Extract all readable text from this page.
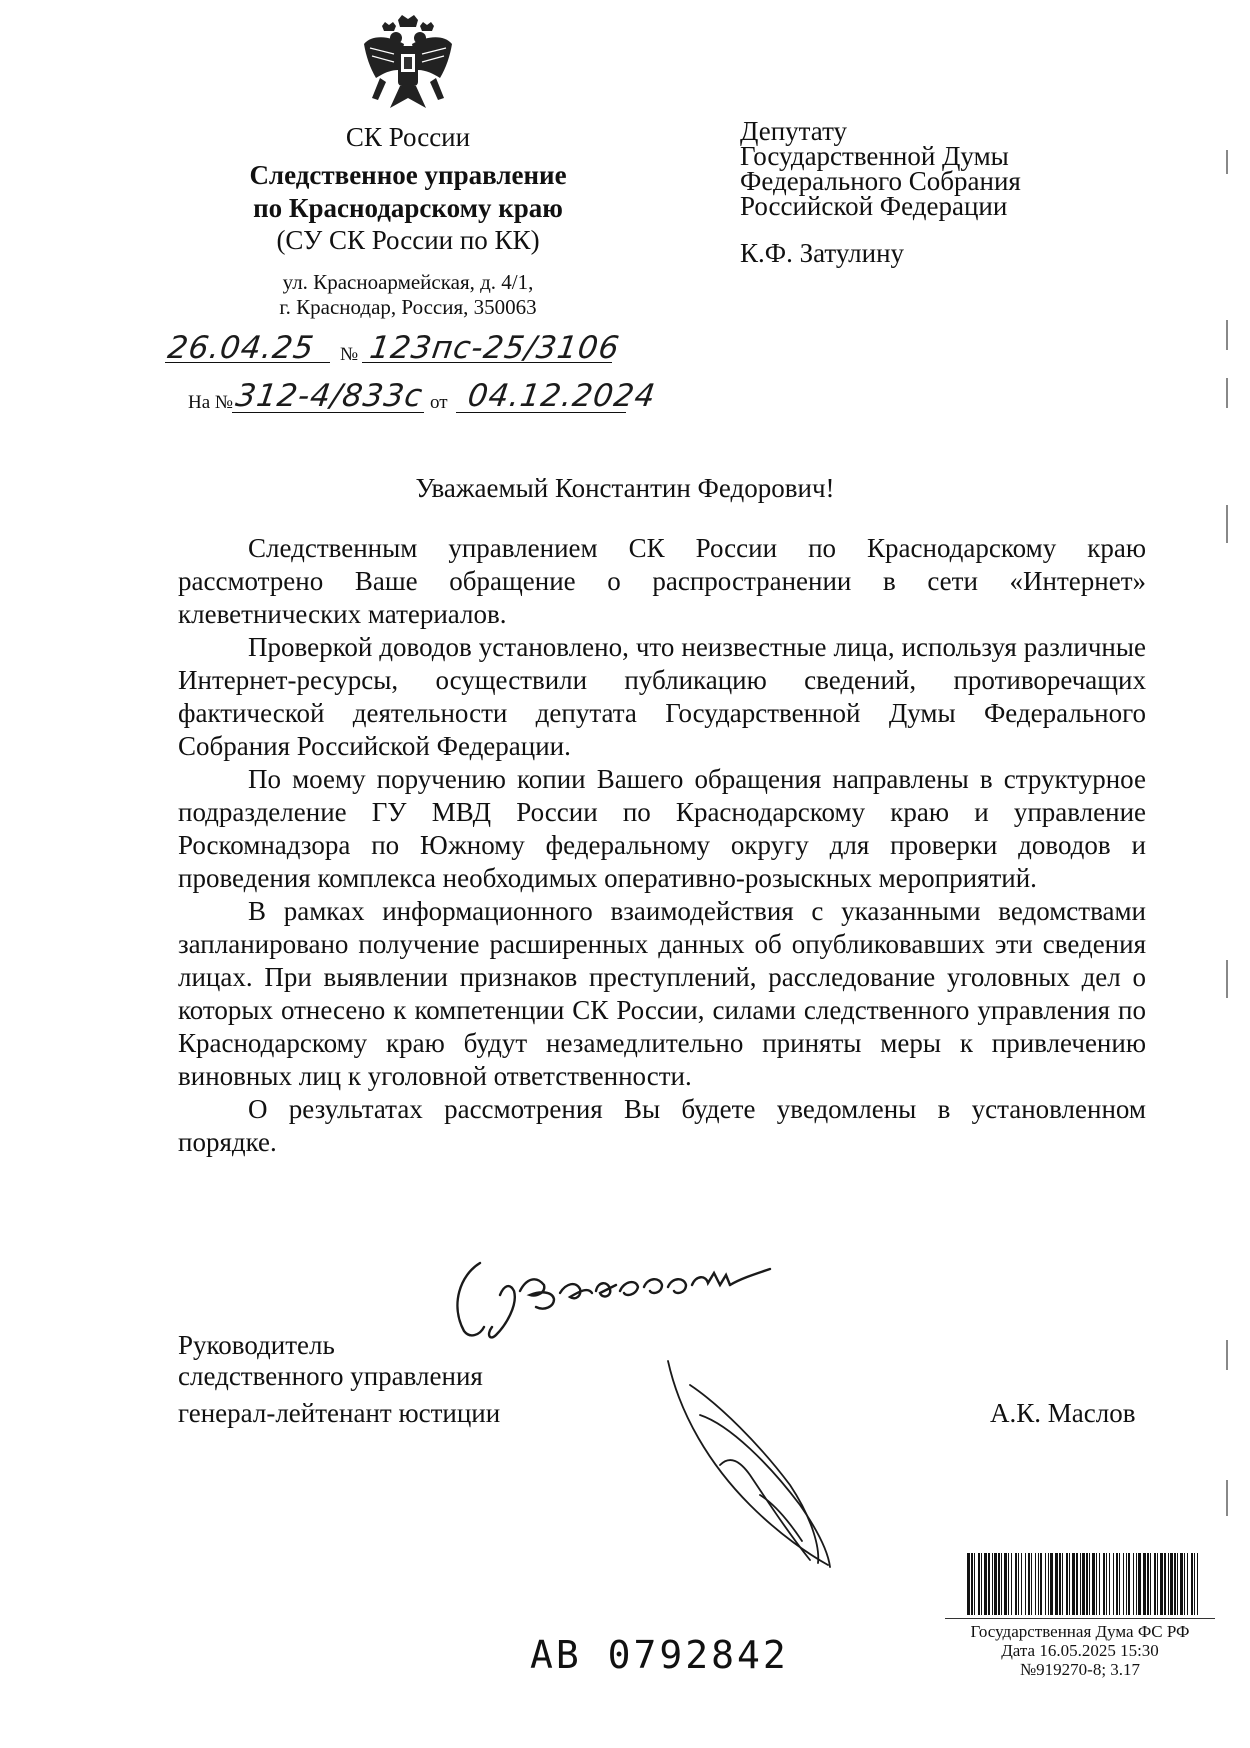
СК России
Следственное управление
по Краснодарскому краю
(СУ СК России по КК)
ул. Красноармейская, д. 4/1,
г. Краснодар, Россия, 350063
26.04.25 № 123пс-25/3106
На № 312-4/833с от 04.12.2024
Депутату
Государственной Думы
Федерального Собрания
Российской Федерации
К.Ф. Затулину
Уважаемый Константин Федорович!

Следственным управлением СК России по Краснодарскому краю рассмотрено Ваше обращение о распространении в сети «Интернет» клеветнических материалов.

Проверкой доводов установлено, что неизвестные лица, используя различные Интернет-ресурсы, осуществили публикацию сведений, противоречащих фактической деятельности депутата Государственной Думы Федерального Собрания Российской Федерации.

По моему поручению копии Вашего обращения направлены в структурное подразделение ГУ МВД России по Краснодарскому краю и управление Роскомнадзора по Южному федеральному округу для проверки доводов и проведения комплекса необходимых оперативно-розыскных мероприятий.

В рамках информационного взаимодействия с указанными ведомствами запланировано получение расширенных данных об опубликовавших эти сведения лицах. При выявлении признаков преступлений, расследование уголовных дел о которых отнесено к компетенции СК России, силами следственного управления по Краснодарскому краю будут незамедлительно приняты меры к привлечению виновных лиц к уголовной ответственности.

О результатах рассмотрения Вы будете уведомлены в установленном порядке.

Руководитель
следственного управления
генерал-лейтенант юстиции	А.К. Маслов
АВ 0792842
Государственная Дума ФС РФ
Дата 16.05.2025 15:30
№919270-8; 3.17
